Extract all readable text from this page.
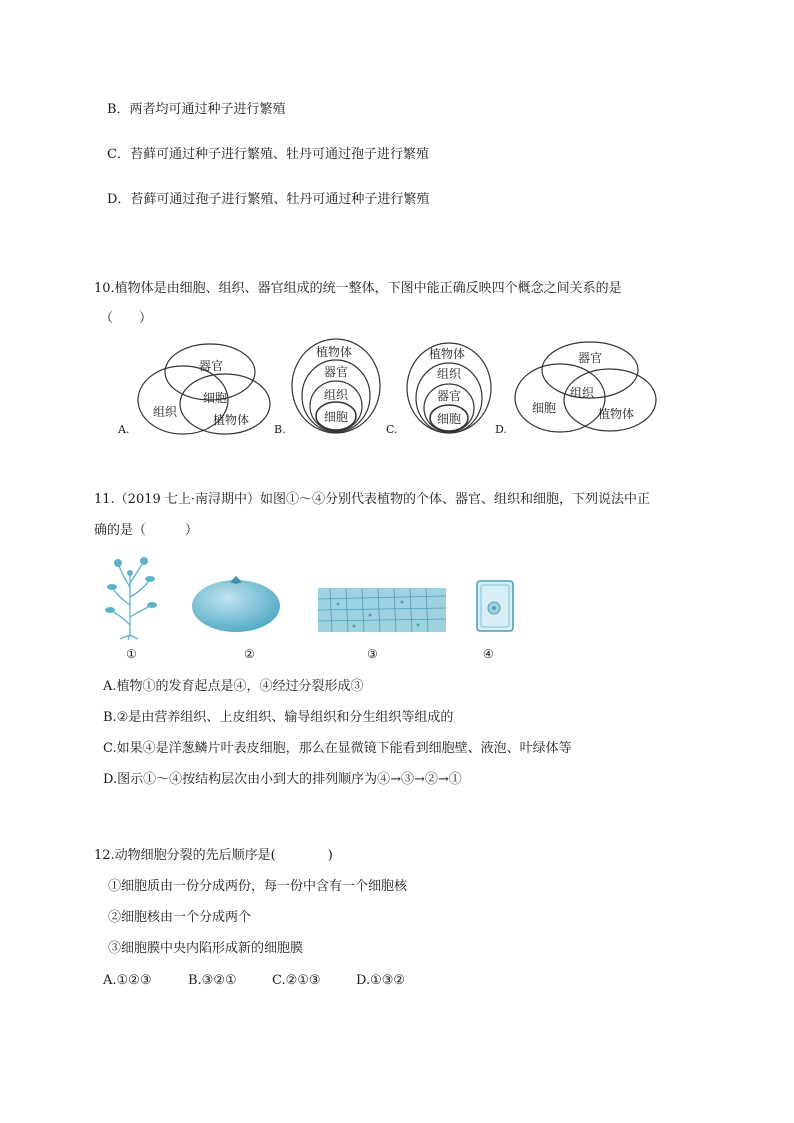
B．两者均可通过种子进行繁殖
C．苔藓可通过种子进行繁殖、牡丹可通过孢子进行繁殖
D．苔藓可通过孢子进行繁殖、牡丹可通过种子进行繁殖
10.植物体是由细胞、组织、器官组成的统一整体，下图中能正确反映四个概念之间关系的是
（　　）
器官
细胞
组织
植物体
A.
植物体
器官
组织
细胞
B.
植物体
组织
器官
细胞
C.
器官
组织
细胞	植物体
D.
11.（2019 七上·南浔期中）如图①～④分别代表植物的个体、器官、组织和细胞，下列说法中正
确的是（　　　）
①	②	③	④
A.植物①的发育起点是④，④经过分裂形成③
B.②是由营养组织、上皮组织、输导组织和分生组织等组成的
C.如果④是洋葱鳞片叶表皮细胞，那么在显微镜下能看到细胞壁、液泡、叶绿体等
D.图示①～④按结构层次由小到大的排列顺序为④→③→②→①
12.动物细胞分裂的先后顺序是(　　　　)
①细胞质由一份分成两份，每一份中含有一个细胞核
②细胞核由一个分成两个
③细胞膜中央内陷形成新的细胞膜
A.①②③	B.③②①	C.②①③	D.①③②
